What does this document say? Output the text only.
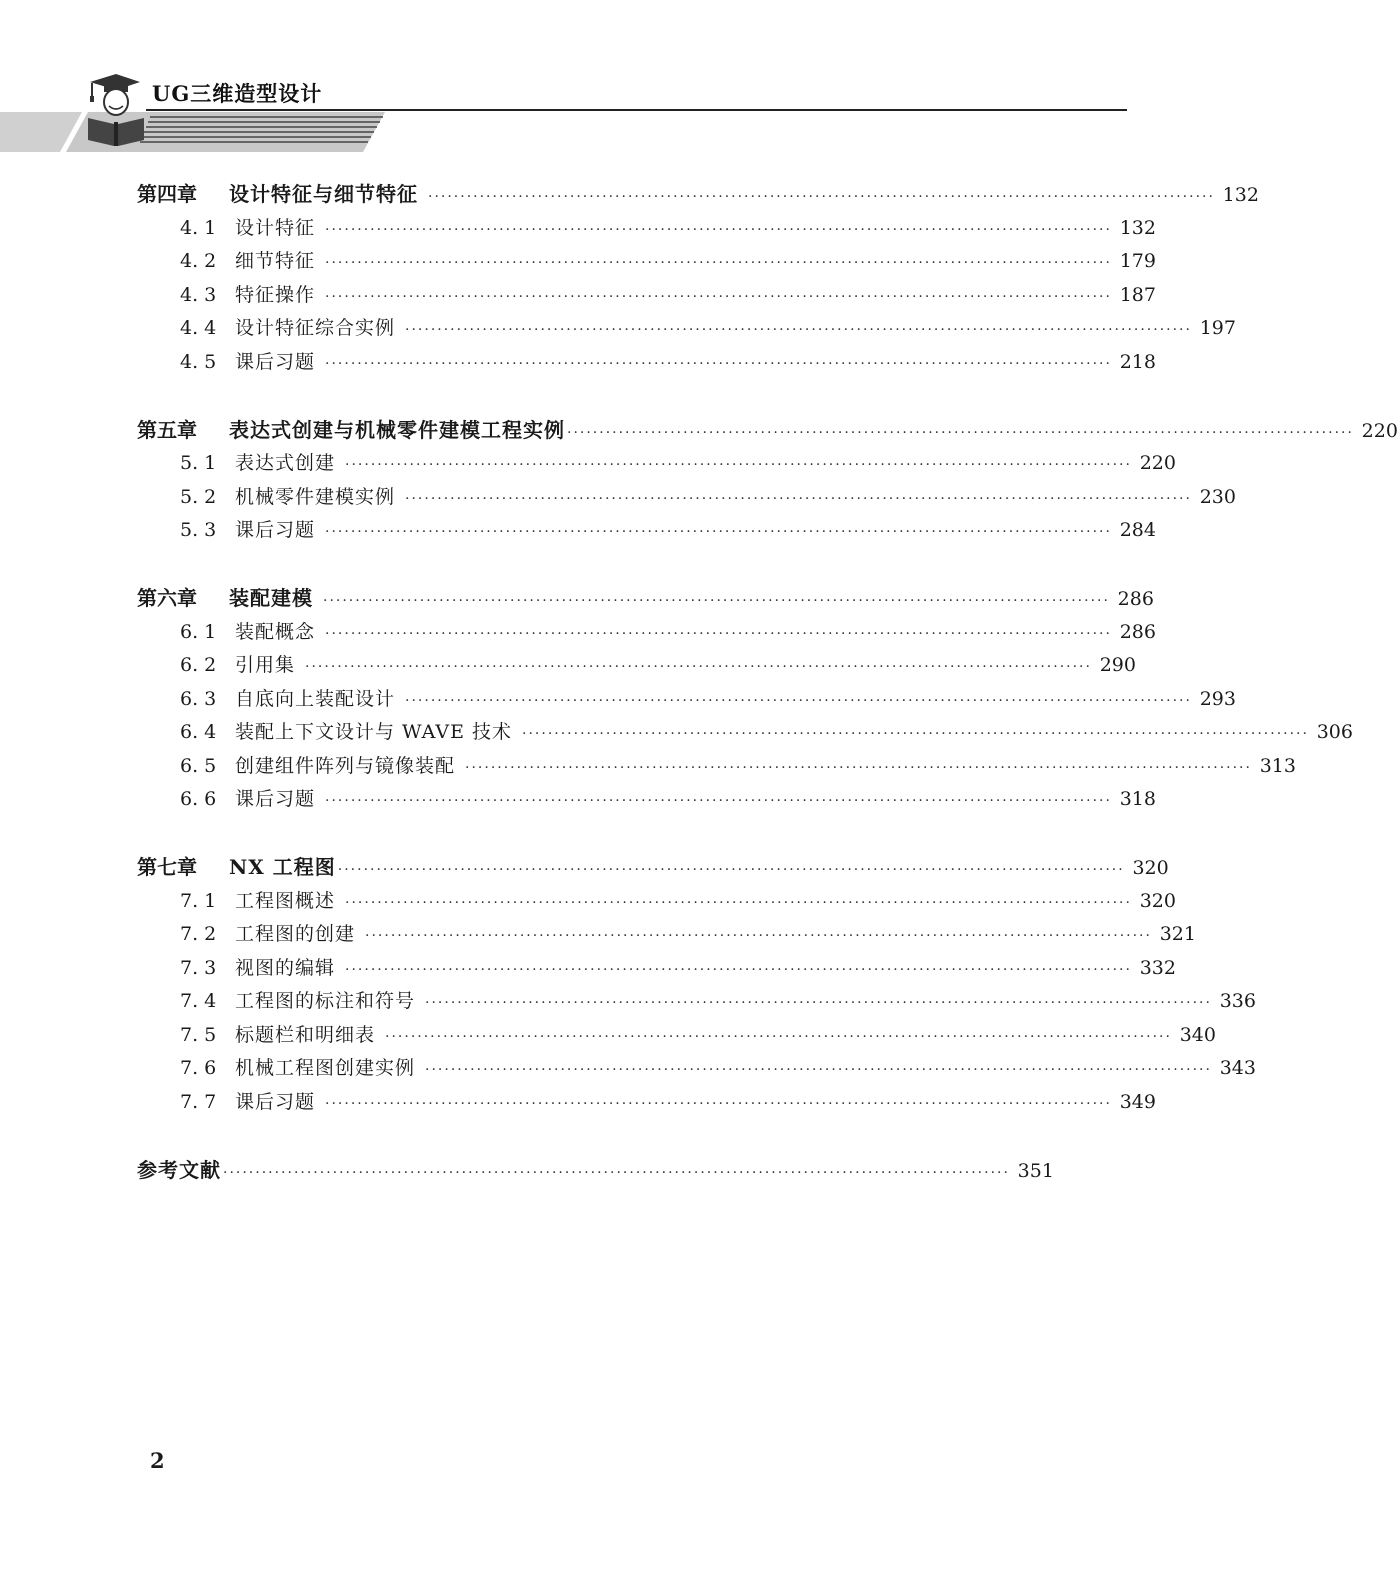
UG三维造型设计
第四章	设计特征与细节特征 ·························································································································· 132
4. 1 设计特征 ·························································································································· 132
4. 2 细节特征 ·························································································································· 179
4. 3 特征操作 ·························································································································· 187
4. 4 设计特征综合实例 ·························································································································· 197
4. 5 课后习题 ·························································································································· 218
第五章	表达式创建与机械零件建模工程实例 ·························································································································· 220
5. 1 表达式创建 ·························································································································· 220
5. 2 机械零件建模实例 ·························································································································· 230
5. 3 课后习题 ·························································································································· 284
第六章	装配建模 ·························································································································· 286
6. 1 装配概念 ·························································································································· 286
6. 2 引用集 ·························································································································· 290
6. 3 自底向上装配设计 ·························································································································· 293
6. 4 装配上下文设计与 WAVE 技术 ·························································································································· 306
6. 5 创建组件阵列与镜像装配 ·························································································································· 313
6. 6 课后习题 ·························································································································· 318
第七章	NX 工程图 ·························································································································· 320
7. 1 工程图概述 ·························································································································· 320
7. 2 工程图的创建 ·························································································································· 321
7. 3 视图的编辑 ·························································································································· 332
7. 4 工程图的标注和符号 ·························································································································· 336
7. 5 标题栏和明细表 ·························································································································· 340
7. 6 机械工程图创建实例 ·························································································································· 343
7. 7 课后习题 ·························································································································· 349
参考文献 ·························································································································· 351
2
